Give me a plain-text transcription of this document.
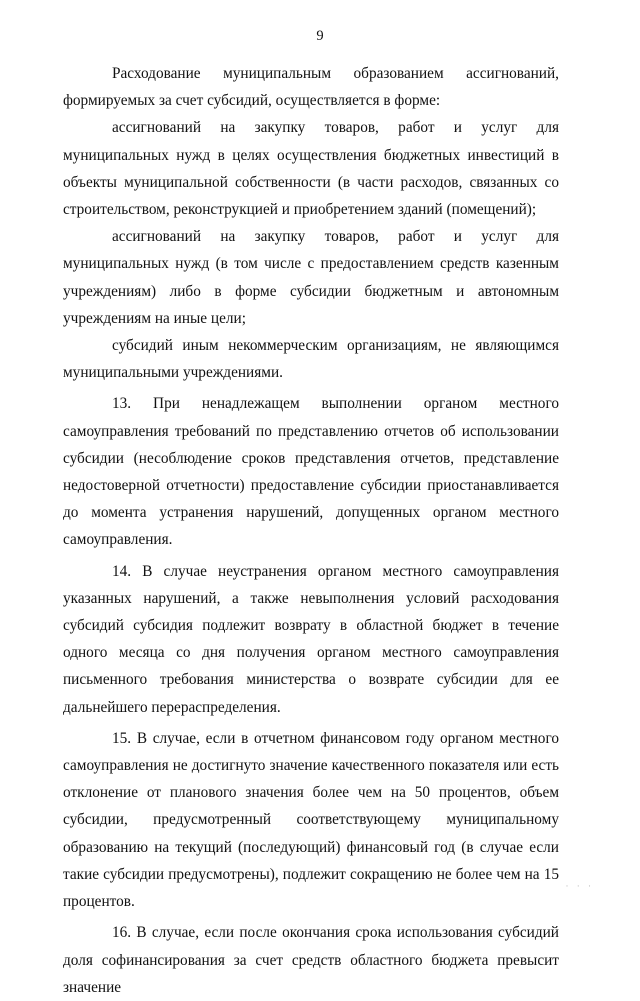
9

Расходование муниципальным образованием ассигнований, формируемых за счет субсидий, осуществляется в форме:

ассигнований на закупку товаров, работ и услуг для муниципальных нужд в целях осуществления бюджетных инвестиций в объекты муниципальной собственности (в части расходов, связанных со строительством, реконструкцией и приобретением зданий (помещений);

ассигнований на закупку товаров, работ и услуг для муниципальных нужд (в том числе с предоставлением средств казенным учреждениям) либо в форме субсидии бюджетным и автономным учреждениям на иные цели;

субсидий иным некоммерческим организациям, не являющимся муниципальными учреждениями.

13. При ненадлежащем выполнении органом местного самоуправления требований по представлению отчетов об использовании субсидии (несоблюдение сроков представления отчетов, представление недостоверной отчетности) предоставление субсидии приостанавливается до момента устранения нарушений, допущенных органом местного самоуправления.

14. В случае неустранения органом местного самоуправления указанных нарушений, а также невыполнения условий расходования субсидий субсидия подлежит возврату в областной бюджет в течение одного месяца со дня получения органом местного самоуправления письменного требования министерства о возврате субсидии для ее дальнейшего перераспределения.

15. В случае, если в отчетном финансовом году органом местного самоуправления не достигнуто значение качественного показателя или есть отклонение от планового значения более чем на 50 процентов, объем субсидии, предусмотренный соответствующему муниципальному образованию на текущий (последующий) финансовый год (в случае если такие субсидии предусмотрены), подлежит сокращению не более чем на 15 процентов.

16. В случае, если после окончания срока использования субсидий доля софинансирования за счет средств областного бюджета превысит значение

· · ·
